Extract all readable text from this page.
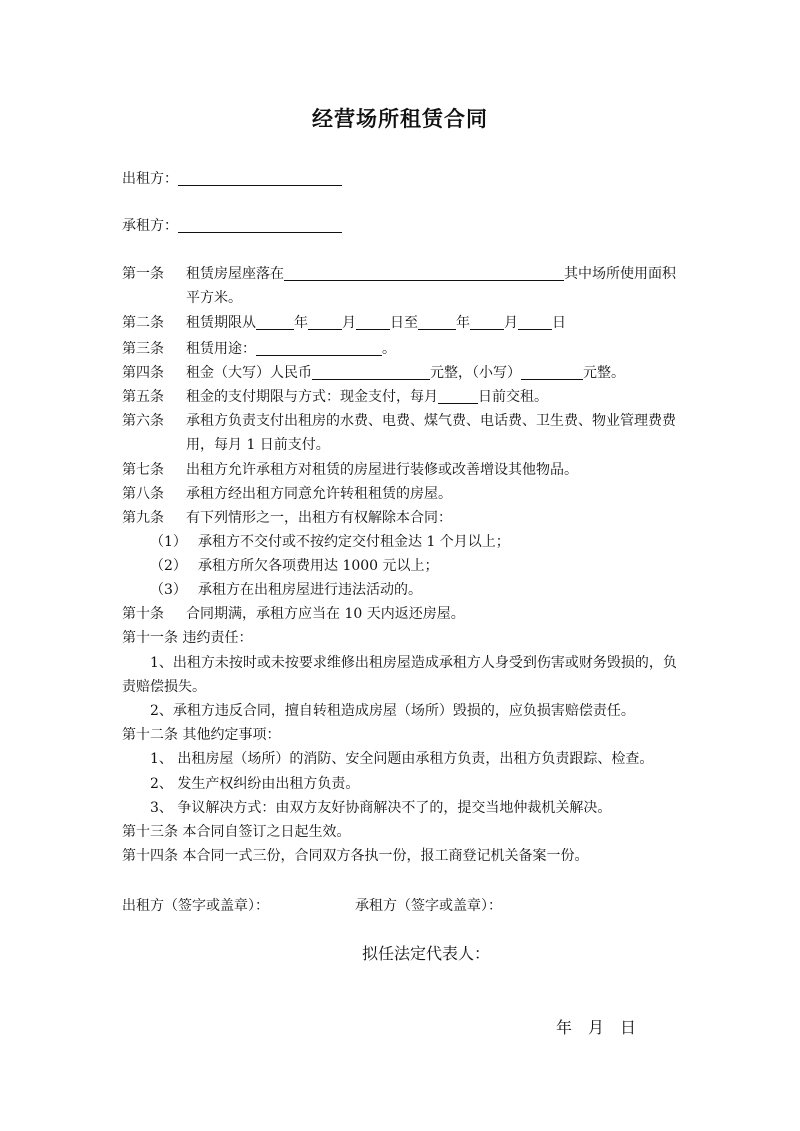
经营场所租赁合同
出租方：
承租方：
第一条 租赁房屋座落在	其中场所使用面积
平方米。
第二条 租赁期限从	年 月 日至	年 月 日
第三条 租赁用途：	。
第四条 租金（大写）人民币	元整，（小写）	元整。
第五条 租金的支付期限与方式：现金支付，每月	日前交租。
第六条 承租方负责支付出租房的水费、电费、煤气费、电话费、卫生费、物业管理费费
用，每月 1 日前支付。
第七条 出租方允许承租方对租赁的房屋进行装修或改善增设其他物品。
第八条 承租方经出租方同意允许转租租赁的房屋。
第九条 有下列情形之一，出租方有权解除本合同：
（1） 承租方不交付或不按约定交付租金达 1 个月以上；
（2） 承租方所欠各项费用达 1000 元以上；
（3） 承租方在出租房屋进行违法活动的。
第十条 合同期满，承租方应当在 10 天内返还房屋。
第十一条 违约责任：
1、出租方未按时或未按要求维修出租房屋造成承租方人身受到伤害或财务毁损的，负
责赔偿损失。
2、承租方违反合同，擅自转租造成房屋（场所）毁损的，应负损害赔偿责任。
第十二条 其他约定事项：
1、 出租房屋（场所）的消防、安全问题由承租方负责，出租方负责跟踪、检查。
2、 发生产权纠纷由出租方负责。
3、 争议解决方式：由双方友好协商解决不了的，提交当地仲裁机关解决。
第十三条 本合同自签订之日起生效。
第十四条 本合同一式三份，合同双方各执一份，报工商登记机关备案一份。
出租方（签字或盖章）：	承租方（签字或盖章）：
拟任法定代表人：
年　月　日
